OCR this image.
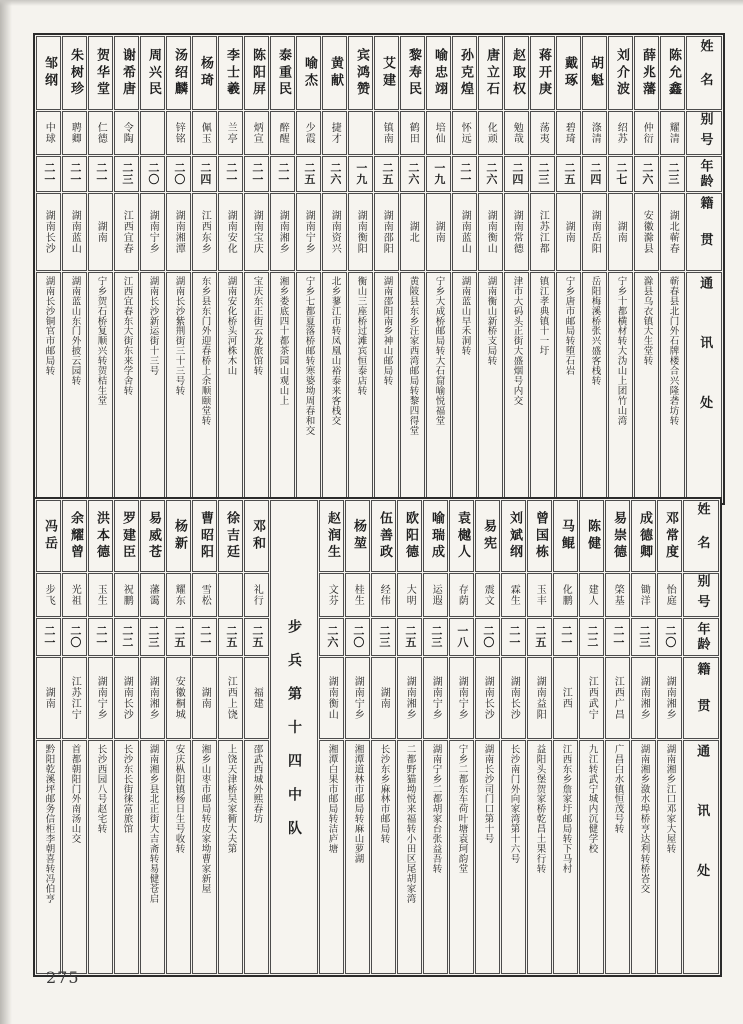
姓名
别号
年龄
籍贯
通讯处
陈允鑫
耀清
二三
湖北蕲春
蕲春县北门外石牌楼合兴隆砻坊转
薛兆藩
仲衍
二六
安徽滁县
滁县乌衣镇大生堂转
刘介波
绍苏
二七
湖南
宁乡十都横材转大沩山上团竹山湾
胡魁
涤清
二四
湖南岳阳
岳阳梅溪桥张兴盛客栈转
戴琢
碧琦
二五
湖南
宁乡唐市邮局转堕石岩
蒋开庚
荡夷
二三
江苏江都
镇江孝典镇十一圩
赵取权
勉哉
二四
湖南常德
津市大码头正街大盛烟号内交
唐立石
化顽
二六
湖南衡山
湖南衡山新桥支局转
孙克煌
怀远
二一
湖南蓝山
湖南蓝山早禾洞转
喻忠翊
培仙
一九
湖南
宁乡大成桥邮局转大石窟喻悦福堂
黎寿民
鹤田
二六
湖北
黄陂县东乡汪家西湾邮局转黎四得堂
艾建
镇南
二五
湖南邵阳
湖南邵阳南乡神山邮局转
宾鸿赞
一九
湖南衡阳
衡山三座桥过滩宾恒泰店转
黄献
捷才
二六
湖南资兴
北乡蓼江市转凤凰山裕泰来客栈交
喻杰
少霞
二五
湖南宁乡
宁乡七都夏落桥邮转寒婆坳周春和交
泰重民
醉醒
二一
湖南湘乡
湘乡娄底四十都茶园山观山上
陈阳屏
炳宣
二一
湖南宝庆
宝庆东正街云龙旅馆转
李士羲
兰亭
二一
湖南安化
湖南安化桥头河株木山
杨琦
佩玉
二四
江西东乡
东乡县东门外迎春桥上余顺颐堂转
汤绍麟
锌铭
二〇
湖南湘潭
湖南长沙紫荆街三十三号转
周兴民
二〇
湖南宁乡
湖南长沙新运街十三号
谢希唐
令陶
二三
江西宜春
江西宜春东大街东来学舍转
贺华堂
仁德
二一
湖南
宁乡贺石桥复顺兴转贺桔生堂
朱树珍
聘卿
二一
湖南蓝山
湖南蓝山东门外披云园转
邹纲
中球
二一
湖南长沙
湖南长沙铜官市邮局转
姓名
别号
年龄
籍贯
通讯处
邓常度
怡庭
二〇
湖南湘乡
湖南湘乡江口邓家大屋转
成德卿
锄洋
二三
湖南湘乡
湖南湘乡潋水埠桥亨达利转桥峇交
易崇德
棨基
二一
江西广昌
广昌白水镇恒茂号转
陈健
建人
二二
江西武宁
九江转武宁城内沉健学校
马鲲
化鹏
二一
江西
江西东乡詹家圩邮局转下马村
曾国栋
玉丰
二五
湖南益阳
益阳头堡贺家桥乾昌土果行转
刘斌纲
霖生
二一
湖南长沙
长沙南门外向家湾第十六号
易宪
震文
二〇
湖南长沙
湖南长沙司门口第十号
袁樾人
存荫
一八
湖南宁乡
宁乡二都东车荷叶塘袁珂韵堂
喻瑞成
运遐
二三
湖南宁乡
湖南宁乡二都胡家台张益吾转
欧阳德
大明
二五
湖南湘乡
二都野猫坳悦来福转小田区尾胡家湾
伍善政
经伟
二三
湖南
长沙东乡麻林市邮局转
杨堃
桂生
二〇
湖南宁乡
湘潭道林市邮局转麻山萝湖
赵润生
文芬
二六
湖南衡山
湘潭白果市邮局转洁庐塘
步兵第十四中队
邓和
礼行
二五
福建
邵武西城外熙春坊
徐吉廷
二五
江西上饶
上饶天津桥吴家衕大夫第
曹昭阳
雪松
二一
湖南
湘乡山枣市邮局转皮家坳曹家新屋
杨新
耀东
二五
安徽桐城
安庆枞阳镇杨日生号收转
易威苍
藩霭
二三
湖南湘乡
湖南湘乡县北正街大吉斋转易健苍启
罗建臣
祝鹏
二二
湖南长沙
长沙东长街徕富旅馆
洪本德
玉生
二一
湖南宁乡
长沙西园八号赵宅转
余耀曾
光祖
二〇
江苏江宁
首都朝阳门外南汤山交
冯岳
步飞
二一
湖南
黔阳乾溪坪邮务信柜李朝喜转冯伯亨
275
